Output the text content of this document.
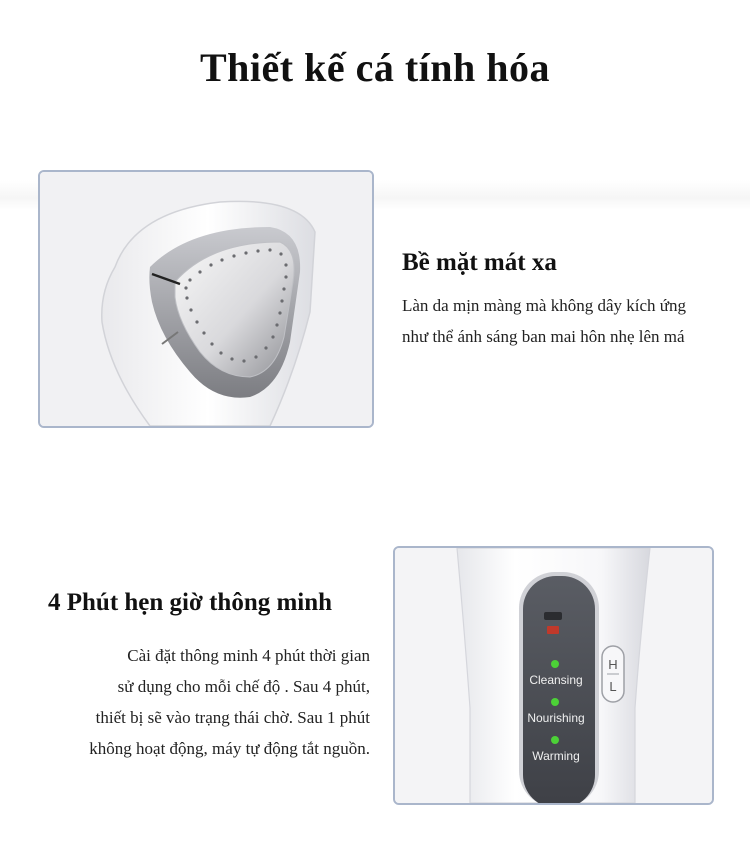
Thiết kế cá tính hóa
Bề mặt mát xa
Làn da mịn màng mà không dây kích ứng
như thể ánh sáng ban mai hôn nhẹ lên má
4 Phút hẹn giờ thông minh
Cài đặt thông minh 4 phút thời gian
sử dụng cho mỗi chế độ . Sau 4 phút,
thiết bị sẽ vào trạng thái chờ. Sau 1 phút
không hoạt động, máy tự động tắt nguồn.
Cleansing
Nourishing
Warming
H
L
